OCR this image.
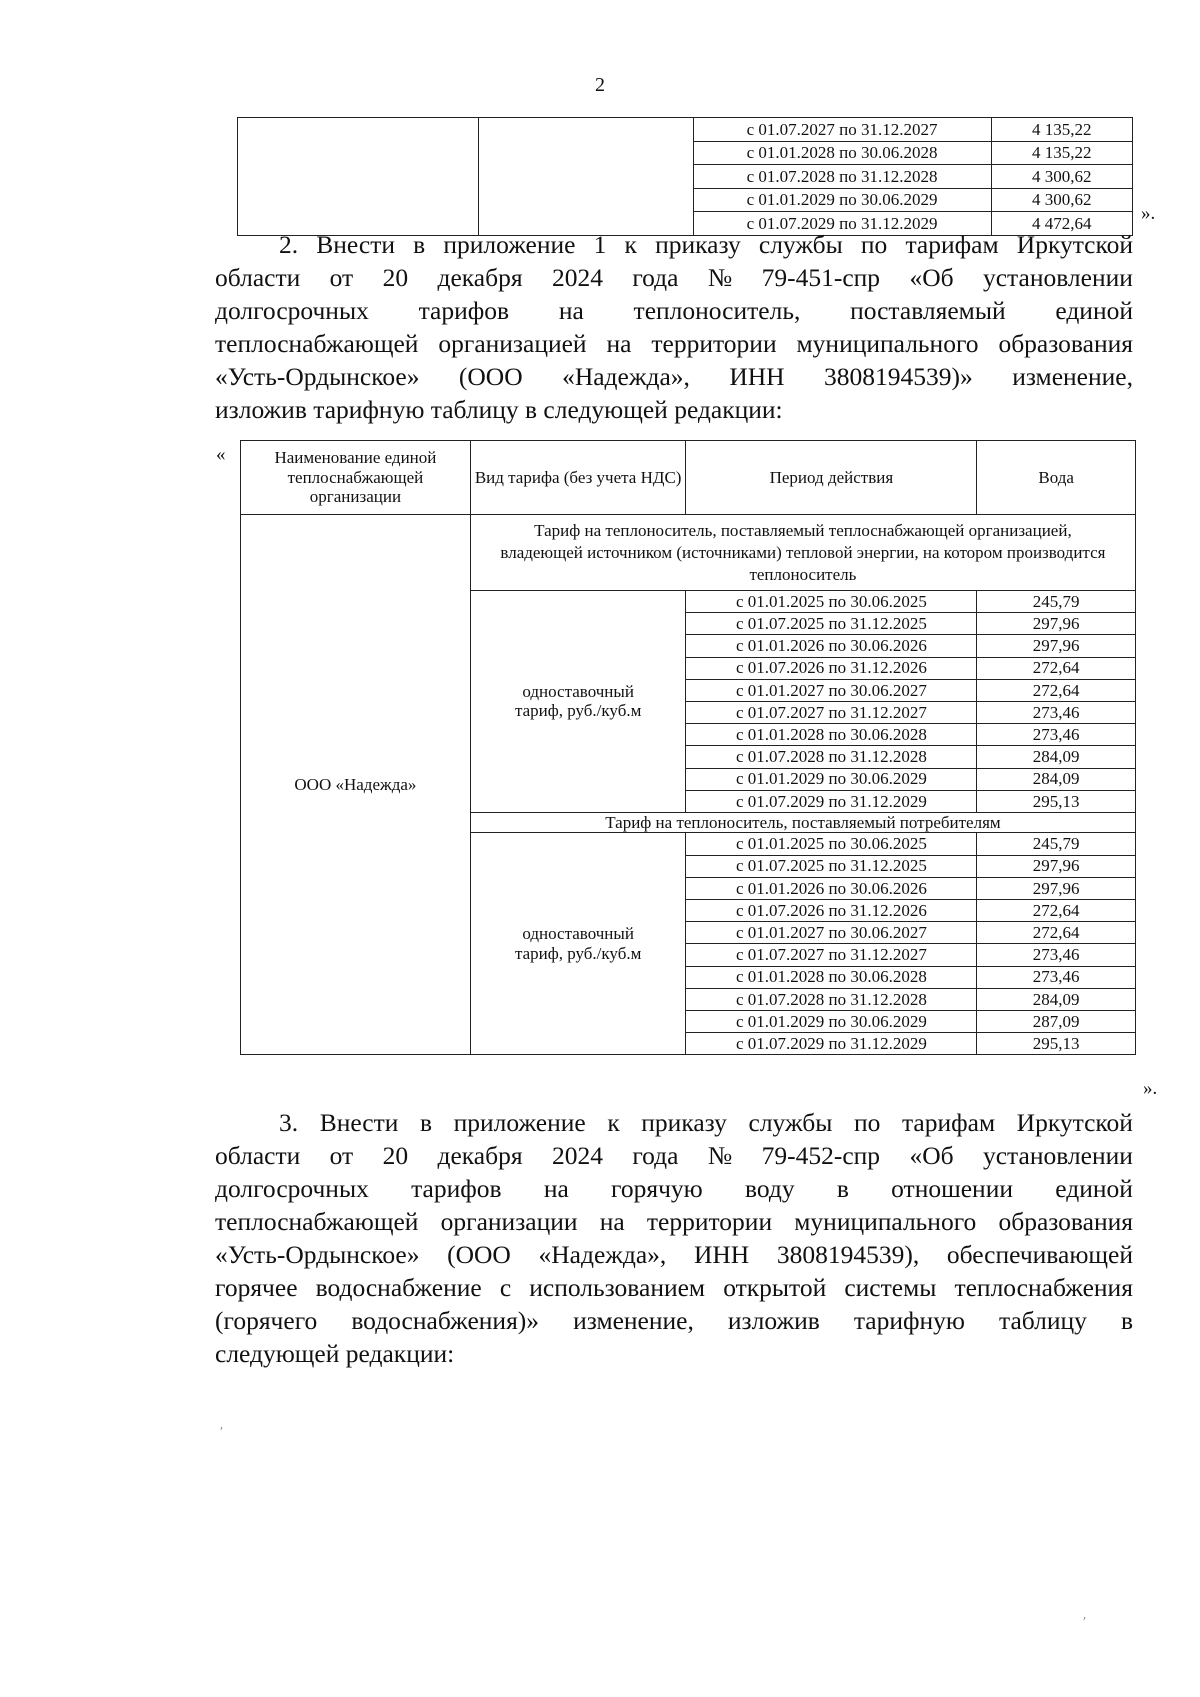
2
		с 01.07.2027 по 31.12.2027	4 135,22
		с 01.01.2028 по 30.06.2028	4 135,22
		с 01.07.2028 по 31.12.2028	4 300,62
		с 01.01.2029 по 30.06.2029	4 300,62
		с 01.07.2029 по 31.12.2029	4 472,64	».
2. Внести в приложение 1 к приказу службы по тарифам Иркутской
области от 20 декабря 2024 года № 79-451-спр «Об установлении
долгосрочных тарифов на теплоноситель, поставляемый единой
теплоснабжающей организацией на территории муниципального образования
«Усть-Ордынское» (ООО «Надежда», ИНН 3808194539)» изменение,
изложив тарифную таблицу в следующей редакции:
«	Наименование единой теплоснабжающей организации	Вид тарифа (без учета НДС)	Период действия	Вода
ООО «Надежда»	Тариф на теплоноситель, поставляемый теплоснабжающей организацией, владеющей источником (источниками) тепловой энергии, на котором производится теплоноситель		
	одноставочный тариф, руб./куб.м	с 01.01.2025 по 30.06.2025	245,79
		с 01.07.2025 по 31.12.2025	297,96
		с 01.01.2026 по 30.06.2026	297,96
		с 01.07.2026 по 31.12.2026	272,64
		с 01.01.2027 по 30.06.2027	272,64
		с 01.07.2027 по 31.12.2027	273,46
		с 01.01.2028 по 30.06.2028	273,46
		с 01.07.2028 по 31.12.2028	284,09
		с 01.01.2029 по 30.06.2029	284,09
		с 01.07.2029 по 31.12.2029	295,13
	Тариф на теплоноситель, поставляемый потребителям		
	одноставочный тариф, руб./куб.м	с 01.01.2025 по 30.06.2025	245,79
		с 01.07.2025 по 31.12.2025	297,96
		с 01.01.2026 по 30.06.2026	297,96
		с 01.07.2026 по 31.12.2026	272,64
		с 01.01.2027 по 30.06.2027	272,64
		с 01.07.2027 по 31.12.2027	273,46
		с 01.01.2028 по 30.06.2028	273,46
		с 01.07.2028 по 31.12.2028	284,09
		с 01.01.2029 по 30.06.2029	287,09
		с 01.07.2029 по 31.12.2029	295,13
».
3. Внести в приложение к приказу службы по тарифам Иркутской
области от 20 декабря 2024 года № 79-452-спр «Об установлении
долгосрочных тарифов на горячую воду в отношении единой
теплоснабжающей организации на территории муниципального образования
«Усть-Ордынское» (ООО «Надежда», ИНН 3808194539), обеспечивающей
горячее водоснабжение с использованием открытой системы теплоснабжения
(горячего водоснабжения)» изменение, изложив тарифную таблицу в
следующей редакции:
′
′
